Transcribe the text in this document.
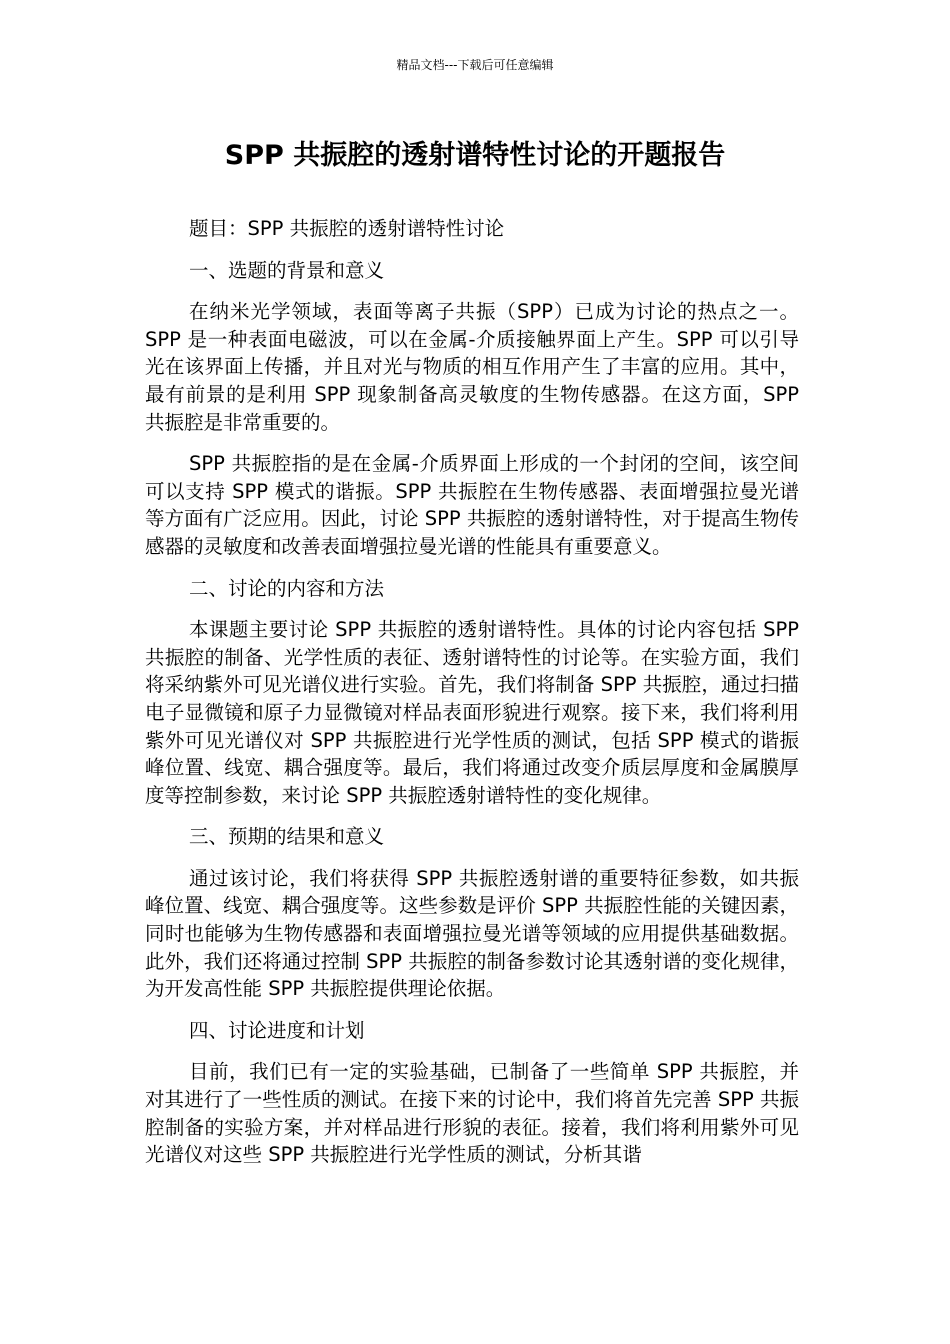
精品文档---下载后可任意编辑
SPP 共振腔的透射谱特性讨论的开题报告
题目：SPP 共振腔的透射谱特性讨论
一、选题的背景和意义

在纳米光学领域，表面等离子共振（SPP）已成为讨论的热点之一。SPP 是一种表面电磁波，可以在金属-介质接触界面上产生。SPP 可以引导光在该界面上传播，并且对光与物质的相互作用产生了丰富的应用。其中，最有前景的是利用 SPP 现象制备高灵敏度的生物传感器。在这方面，SPP 共振腔是非常重要的。

SPP 共振腔指的是在金属-介质界面上形成的一个封闭的空间，该空间可以支持 SPP 模式的谐振。SPP 共振腔在生物传感器、表面增强拉曼光谱等方面有广泛应用。因此，讨论 SPP 共振腔的透射谱特性，对于提高生物传感器的灵敏度和改善表面增强拉曼光谱的性能具有重要意义。

二、讨论的内容和方法

本课题主要讨论 SPP 共振腔的透射谱特性。具体的讨论内容包括 SPP 共振腔的制备、光学性质的表征、透射谱特性的讨论等。在实验方面，我们将采纳紫外可见光谱仪进行实验。首先，我们将制备 SPP 共振腔，通过扫描电子显微镜和原子力显微镜对样品表面形貌进行观察。接下来，我们将利用紫外可见光谱仪对 SPP 共振腔进行光学性质的测试，包括 SPP 模式的谐振峰位置、线宽、耦合强度等。最后，我们将通过改变介质层厚度和金属膜厚度等控制参数，来讨论 SPP 共振腔透射谱特性的变化规律。

三、预期的结果和意义

通过该讨论，我们将获得 SPP 共振腔透射谱的重要特征参数，如共振峰位置、线宽、耦合强度等。这些参数是评价 SPP 共振腔性能的关键因素，同时也能够为生物传感器和表面增强拉曼光谱等领域的应用提供基础数据。此外，我们还将通过控制 SPP 共振腔的制备参数讨论其透射谱的变化规律，为开发高性能 SPP 共振腔提供理论依据。

四、讨论进度和计划

目前，我们已有一定的实验基础，已制备了一些简单 SPP 共振腔，并对其进行了一些性质的测试。在接下来的讨论中，我们将首先完善 SPP 共振腔制备的实验方案，并对样品进行形貌的表征。接着，我们将利用紫外可见光谱仪对这些 SPP 共振腔进行光学性质的测试，分析其谐
